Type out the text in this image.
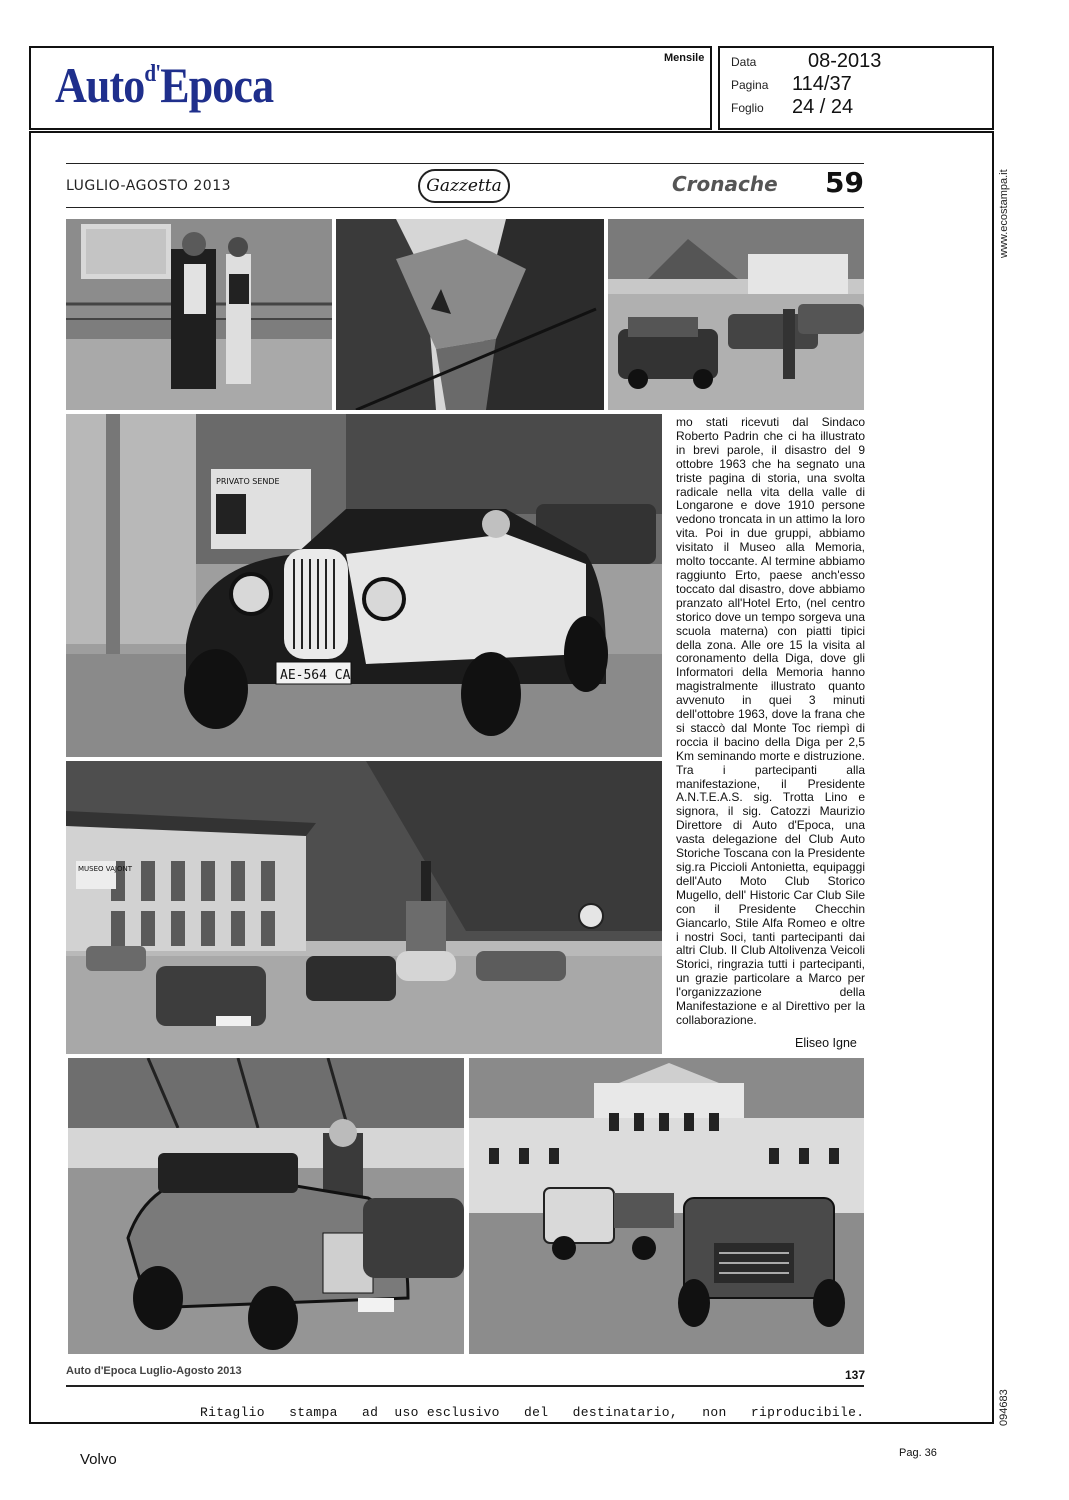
Auto$^{d'}$Epoca	Mensile Data	08-2013
Pagina 114/37
Foglio 24 / 24
www.ecostampa.it
094683
LUGLIO-AGOSTO 2013	Gazzetta	Cronache 59
PRIVATO SENDE
AE-564 CA
MUSEO VAJONT
mo stati ricevuti dal Sindaco Roberto Padrin che ci ha illustrato in brevi parole, il disastro del 9 ottobre 1963 che ha segnato una triste pagina di storia, una svolta radicale nella vita della valle di Longarone e dove 1910 persone vedono troncata in un attimo la loro vita. Poi in due gruppi, abbiamo visitato il Museo alla Memoria, molto toccante. Al termine abbiamo raggiunto Erto, paese anch'esso toccato dal disastro, dove abbiamo pranzato all'Hotel Erto, (nel centro storico dove un tempo sorgeva una scuola materna) con piatti tipici della zona. Alle ore 15 la visita al coronamento della Diga, dove gli Informatori della Memoria hanno magistralmente illustrato quanto avvenuto in quei 3 minuti dell'ottobre 1963, dove la frana che si staccò dal Monte Toc riempì di roccia il bacino della Diga per 2,5 Km seminando morte e distruzione. Tra i partecipanti alla manifestazione, il Presidente A.N.T.E.A.S. sig. Trotta Lino e signora, il sig. Catozzi Maurizio Direttore di Auto d'Epoca, una vasta delegazione del Club Auto Storiche Toscana con la Presidente sig.ra Piccioli Antonietta, equipaggi dell'Auto Moto Club Storico Mugello, dell' Historic Car Club Sile con il Presidente Checchin Giancarlo, Stile Alfa Romeo e oltre i nostri Soci, tanti partecipanti dai altri Club. Il Club Altolivenza Veicoli Storici, ringrazia tutti i partecipanti, un grazie particolare a Marco per l'organizzazione della Manifestazione e al Direttivo per la collaborazione.
Eliseo Igne
Auto d'Epoca Luglio-Agosto 2013	137
Ritaglio   stampa   ad  uso esclusivo   del   destinatario,   non   riproducibile.
Volvo	Pag. 36
